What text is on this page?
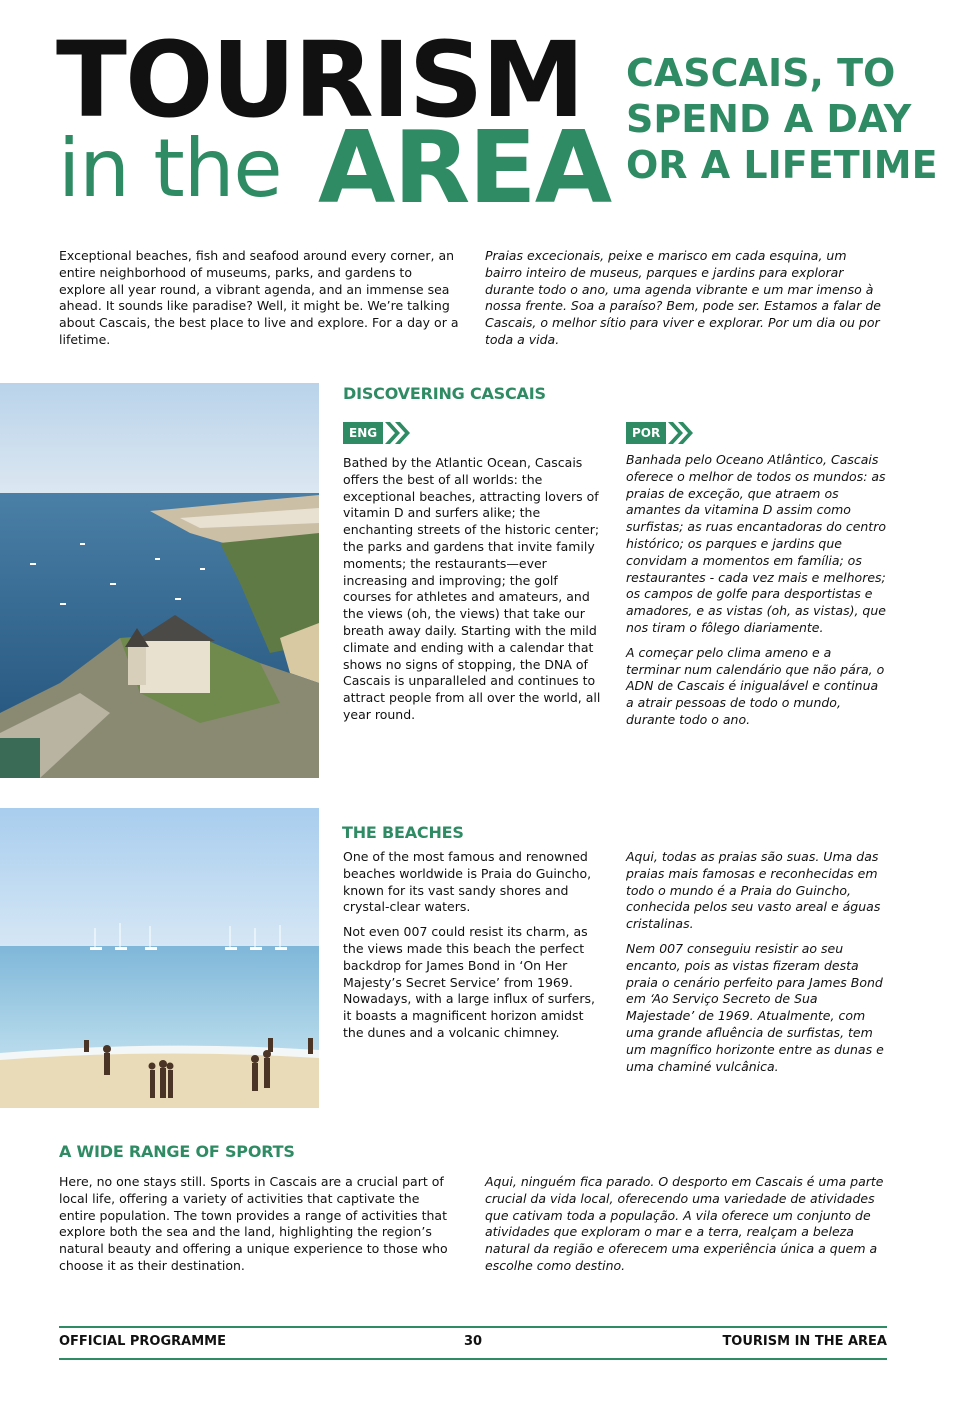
TOURISM
in the AREA
CASCAIS, TO SPEND A DAY OR A LIFETIME

Exceptional beaches, fish and seafood around every corner, an entire neighborhood of museums, parks, and gardens to explore all year round, a vibrant agenda, and an immense sea ahead. It sounds like paradise? Well, it might be. We’re talking about Cascais, the best place to live and explore. For a day or a lifetime.

Praias excecionais, peixe e marisco em cada esquina, um bairro inteiro de museus, parques e jardins para explorar durante todo o ano, uma agenda vibrante e um mar imenso à nossa frente. Soa a paraíso? Bem, pode ser. Estamos a falar de Cascais, o melhor sítio para viver e explorar. Por um dia ou por toda a vida.

DISCOVERING CASCAIS
ENG	POR

Bathed by the Atlantic Ocean, Cascais offers the best of all worlds: the exceptional beaches, attracting lovers of vitamin D and surfers alike; the enchanting streets of the historic center; the parks and gardens that invite family moments; the restaurants—ever increasing and improving; the golf courses for athletes and amateurs, and the views (oh, the views) that take our breath away daily. Starting with the mild climate and ending with a calendar that shows no signs of stopping, the DNA of Cascais is unparalleled and continues to attract people from all over the world, all year round.

Banhada pelo Oceano Atlântico, Cascais oferece o melhor de todos os mundos: as praias de exceção, que atraem os amantes da vitamina D assim como surfistas; as ruas encantadoras do centro histórico; os parques e jardins que convidam a momentos em família; os restaurantes - cada vez mais e melhores; os campos de golfe para desportistas e amadores, e as vistas (oh, as vistas), que nos tiram o fôlego diariamente.

A começar pelo clima ameno e a terminar num calendário que não pára, o ADN de Cascais é inigualável e continua a atrair pessoas de todo o mundo, durante todo o ano.

THE BEACHES

One of the most famous and renowned beaches worldwide is Praia do Guincho, known for its vast sandy shores and crystal-clear waters.

Not even 007 could resist its charm, as the views made this beach the perfect backdrop for James Bond in ‘On Her Majesty’s Secret Service’ from 1969. Nowadays, with a large influx of surfers, it boasts a magnificent horizon amidst the dunes and a volcanic chimney.

Aqui, todas as praias são suas. Uma das praias mais famosas e reconhecidas em todo o mundo é a Praia do Guincho, conhecida pelos seu vasto areal e águas cristalinas.

Nem 007 conseguiu resistir ao seu encanto, pois as vistas fizeram desta praia o cenário perfeito para James Bond em ‘Ao Serviço Secreto de Sua Majestade’ de 1969. Atualmente, com uma grande afluência de surfistas, tem um magnífico horizonte entre as dunas e uma chaminé vulcânica.

A WIDE RANGE OF SPORTS

Here, no one stays still. Sports in Cascais are a crucial part of local life, offering a variety of activities that captivate the entire population. The town provides a range of activities that explore both the sea and the land, highlighting the region’s natural beauty and offering a unique experience to those who choose it as their destination.

Aqui, ninguém fica parado. O desporto em Cascais é uma parte crucial da vida local, oferecendo uma variedade de atividades que cativam toda a população. A vila oferece um conjunto de atividades que exploram o mar e a terra, realçam a beleza natural da região e oferecem uma experiência única a quem a escolhe como destino.

OFFICIAL PROGRAMME	30	TOURISM IN THE AREA
